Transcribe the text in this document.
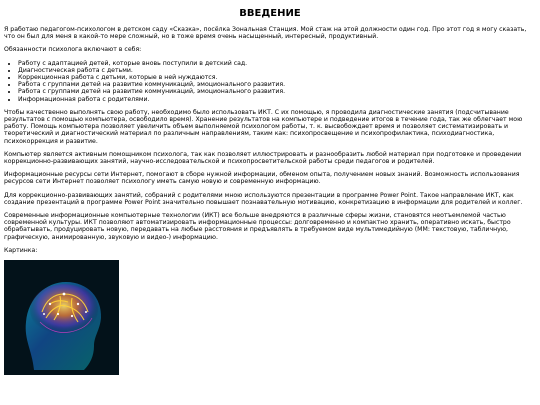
ВВЕДЕНИЕ

Я работаю педагогом-психологом в детском саду «Сказка», посёлка Зональная Станция. Мой стаж на этой должности один год. Про этот год я могу сказать, что он был для меня в какой-то мере сложный, но в тоже время очень насыщенный, интересный, продуктивный.

Обязанности психолога включают в себя:

• Работу с адаптацией детей, которые вновь поступили в детский сад.
• Диагностическая работа с детьми.
• Коррекционная работа с детьми, которые в ней нуждаются.
• Работа с группами детей на развитие коммуникаций, эмоционального развития.
• Работа с группами детей на развитие коммуникаций, эмоционального развития.
• Информационная работа с родителями.

Чтобы качественно выполнять свою работу, необходимо было использовать ИКТ. С их помощью, я проводила диагностические занятия (подсчитывание результатов с помощью компьютера, освободило время). Хранение результатов на компьютере и подведение итогов в течение года, так же облегчает мою работу. Помощь компьютера позволяет увеличить объем выполняемой психологом работы, т. к. высвобождает время и позволяет систематизировать и теоретический и диагностический материал по различным направлениям, таким как: психопросвещение и психопрофилактика, психодиагностика, психокоррекция и развитие.

Компьютер является активным помощником психолога, так как позволяет иллюстрировать и разнообразить любой материал при подготовке и проведении коррекционно-развивающих занятий, научно-исследовательской и психопросветительской работы среди педагогов и родителей.

Информационные ресурсы сети Интернет, помогают в сборе нужной информации, обменом опыта, получением новых знаний. Возможность использования ресурсов сети Интернет позволяет психологу иметь самую новую и современную информацию.

Для коррекционно-развивающих занятий, собраний с родителями мною используются презентации в программе Power Point. Такое направление ИКТ, как создание презентаций в программе Power Point значительно повышает познавательную мотивацию, конкретизацию в информации для родителей и коллег.

Современные информационные компьютерные технологии (ИКТ) все больше внедряются в различные сферы жизни, становятся неотъемлемой частью современной культуры. ИКТ позволяют автоматизировать информационные процессы: долговременно и компактно хранить, оперативно искать, быстро обрабатывать, продуцировать новую, передавать на любые расстояния и предъявлять в требуемом виде мультимедийную (ММ: текстовую, табличную, графическую, анимированную, звуковую и видео-) информацию.

Картинка:
